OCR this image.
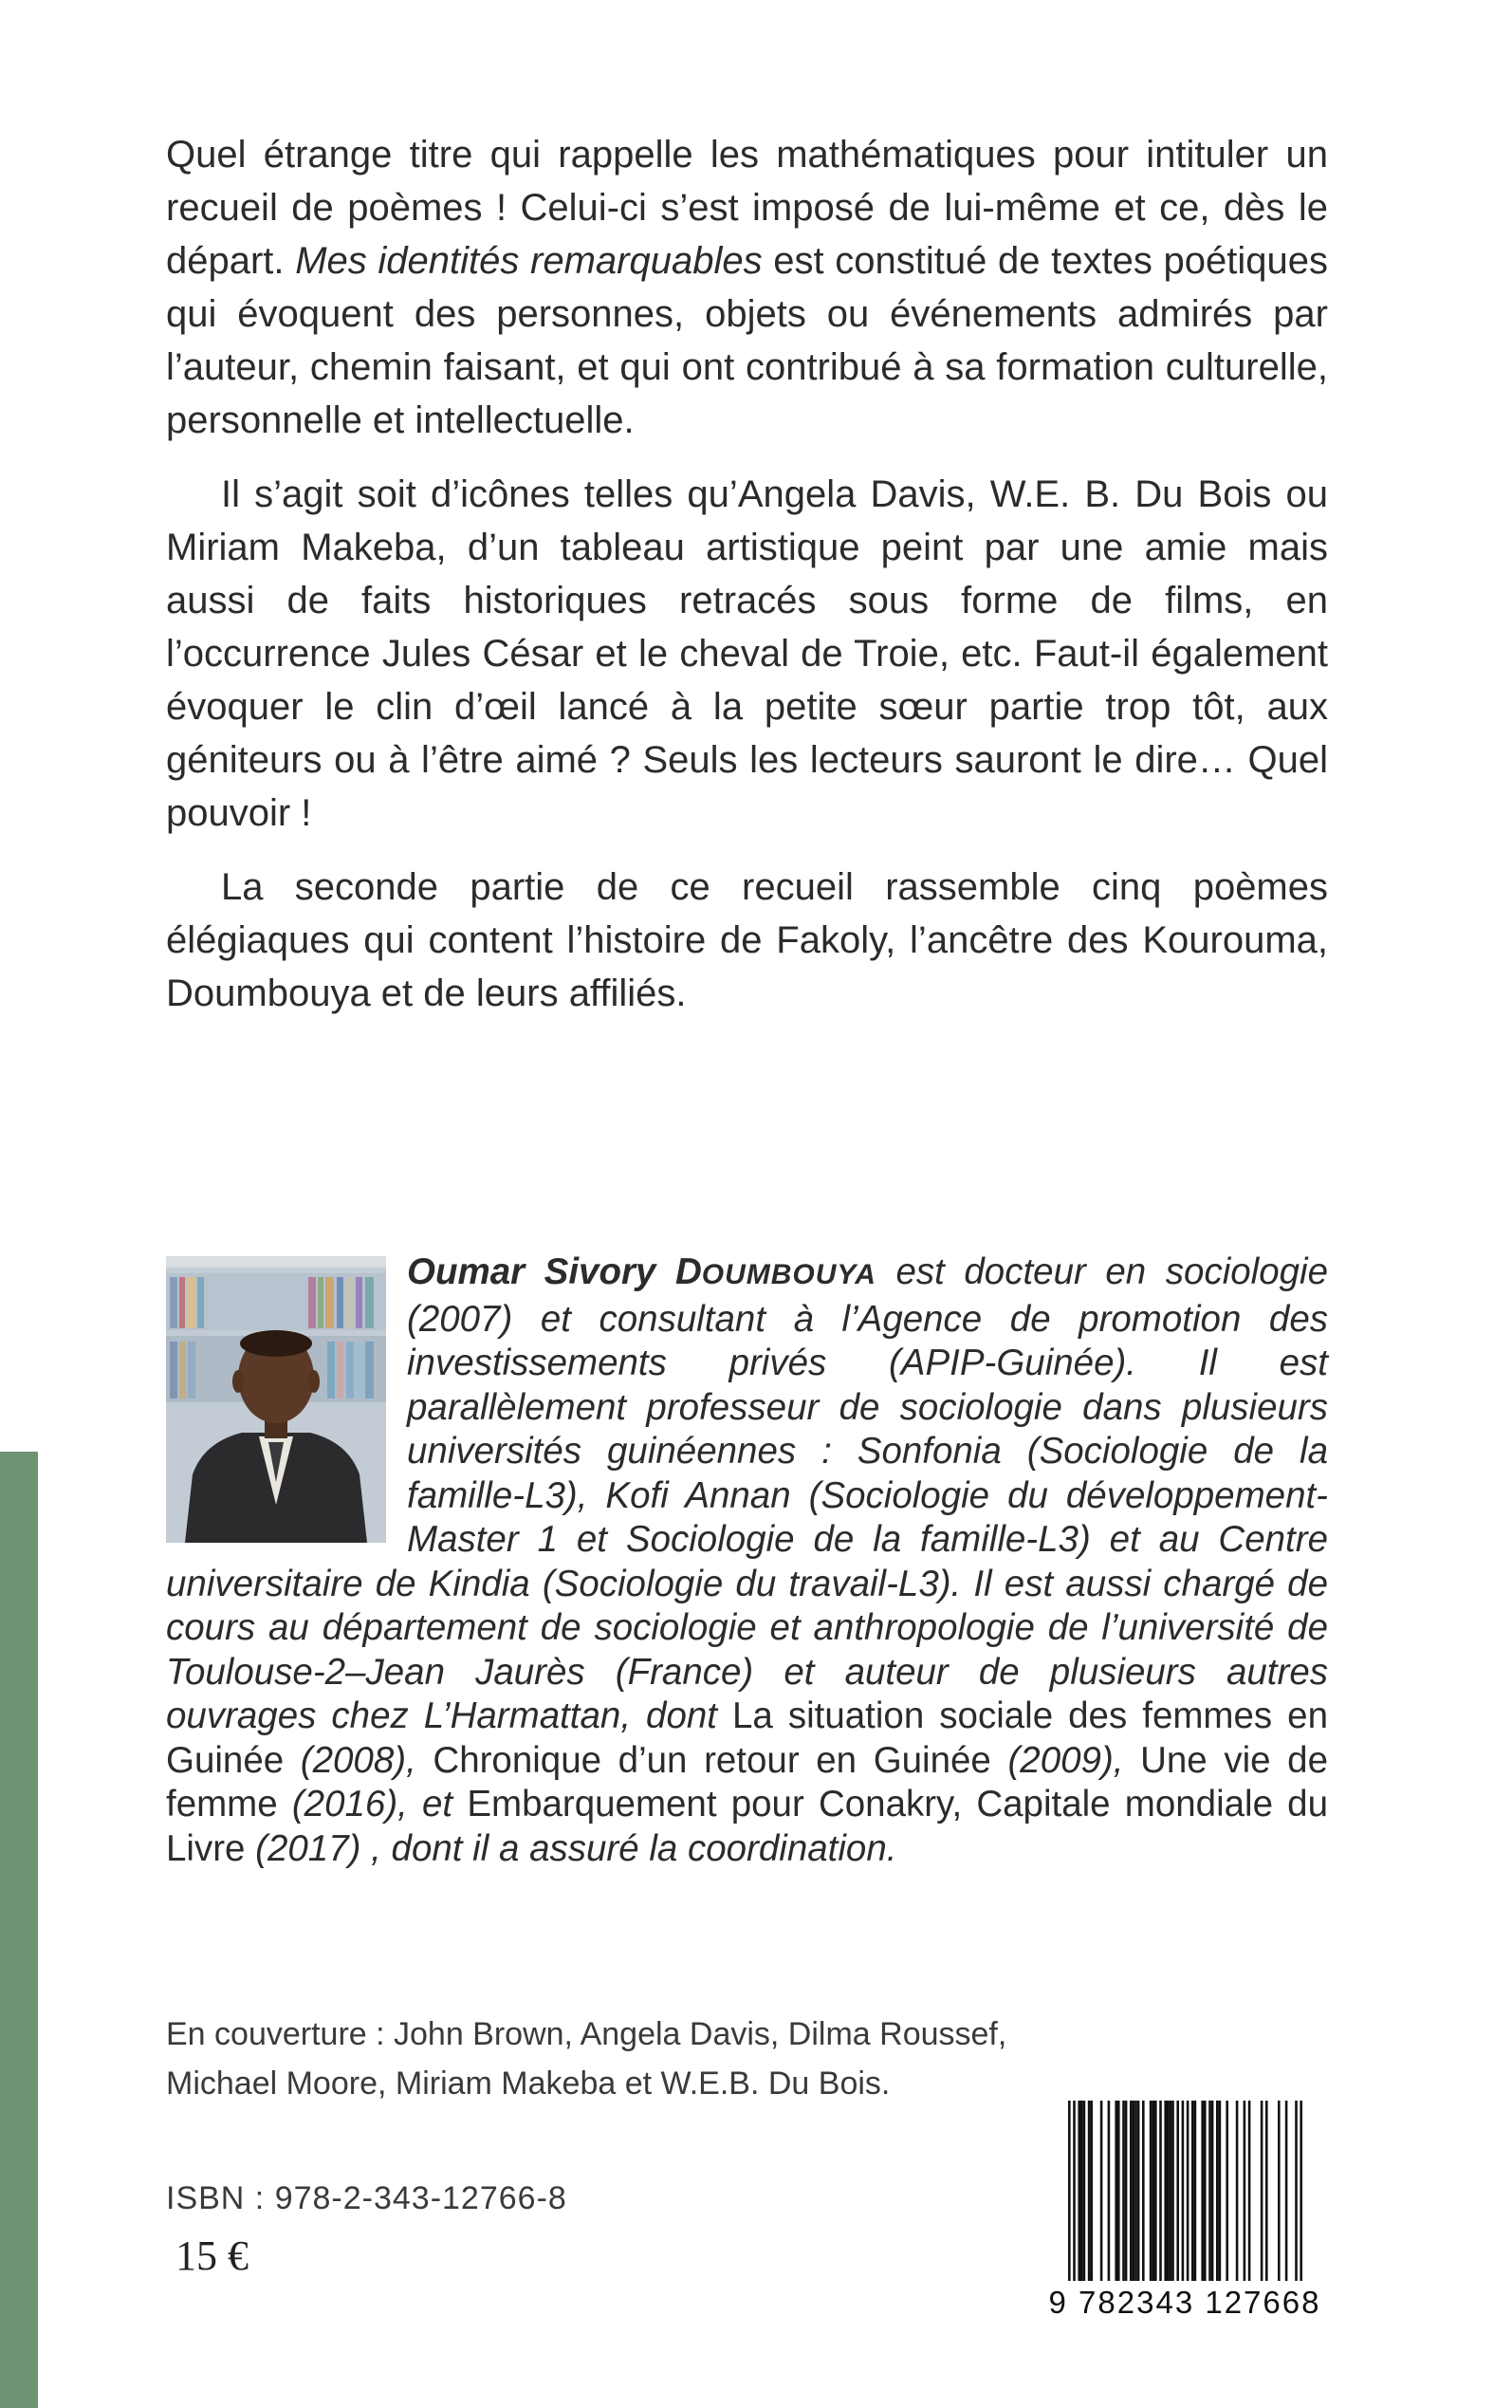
Quel étrange titre qui rappelle les mathématiques pour intituler un recueil de poèmes ! Celui-ci s’est imposé de lui-même et ce, dès le départ. Mes identités remarquables est constitué de textes poétiques qui évoquent des personnes, objets ou événements admirés par l’auteur, chemin faisant, et qui ont contribué à sa formation culturelle, personnelle et intellectuelle.

Il s’agit soit d’icônes telles qu’Angela Davis, W.E. B. Du Bois ou Miriam Makeba, d’un tableau artistique peint par une amie mais aussi de faits historiques retracés sous forme de films, en l’occurrence Jules César et le cheval de Troie, etc. Faut-il également évoquer le clin d’œil lancé à la petite sœur partie trop tôt, aux géniteurs ou à l’être aimé ? Seuls les lecteurs sauront le dire… Quel pouvoir !

La seconde partie de ce recueil rassemble cinq poèmes élégiaques qui content l’histoire de Fakoly, l’ancêtre des Kourouma, Doumbouya et de leurs affiliés.

Oumar Sivory DOUMBOUYA est docteur en sociologie (2007) et consultant à l’Agence de promotion des investissements privés (APIP-Guinée). Il est parallèlement professeur de sociologie dans plusieurs universités guinéennes : Sonfonia (Sociologie de la famille-L3), Kofi Annan (Sociologie du développement-Master 1 et Sociologie de la famille-L3) et au Centre universitaire de Kindia (Sociologie du travail-L3). Il est aussi chargé de cours au département de sociologie et anthropologie de l’université de Toulouse-2–Jean Jaurès (France) et auteur de plusieurs autres ouvrages chez L’Harmattan, dont La situation sociale des femmes en Guinée (2008), Chronique d’un retour en Guinée (2009), Une vie de femme (2016), et Embarquement pour Conakry, Capitale mondiale du Livre (2017) , dont il a assuré la coordination.
En couverture : John Brown, Angela Davis, Dilma Roussef, Michael Moore, Miriam Makeba et W.E.B. Du Bois.
ISBN : 978-2-343-12766-8
15 €
9 782343 127668
